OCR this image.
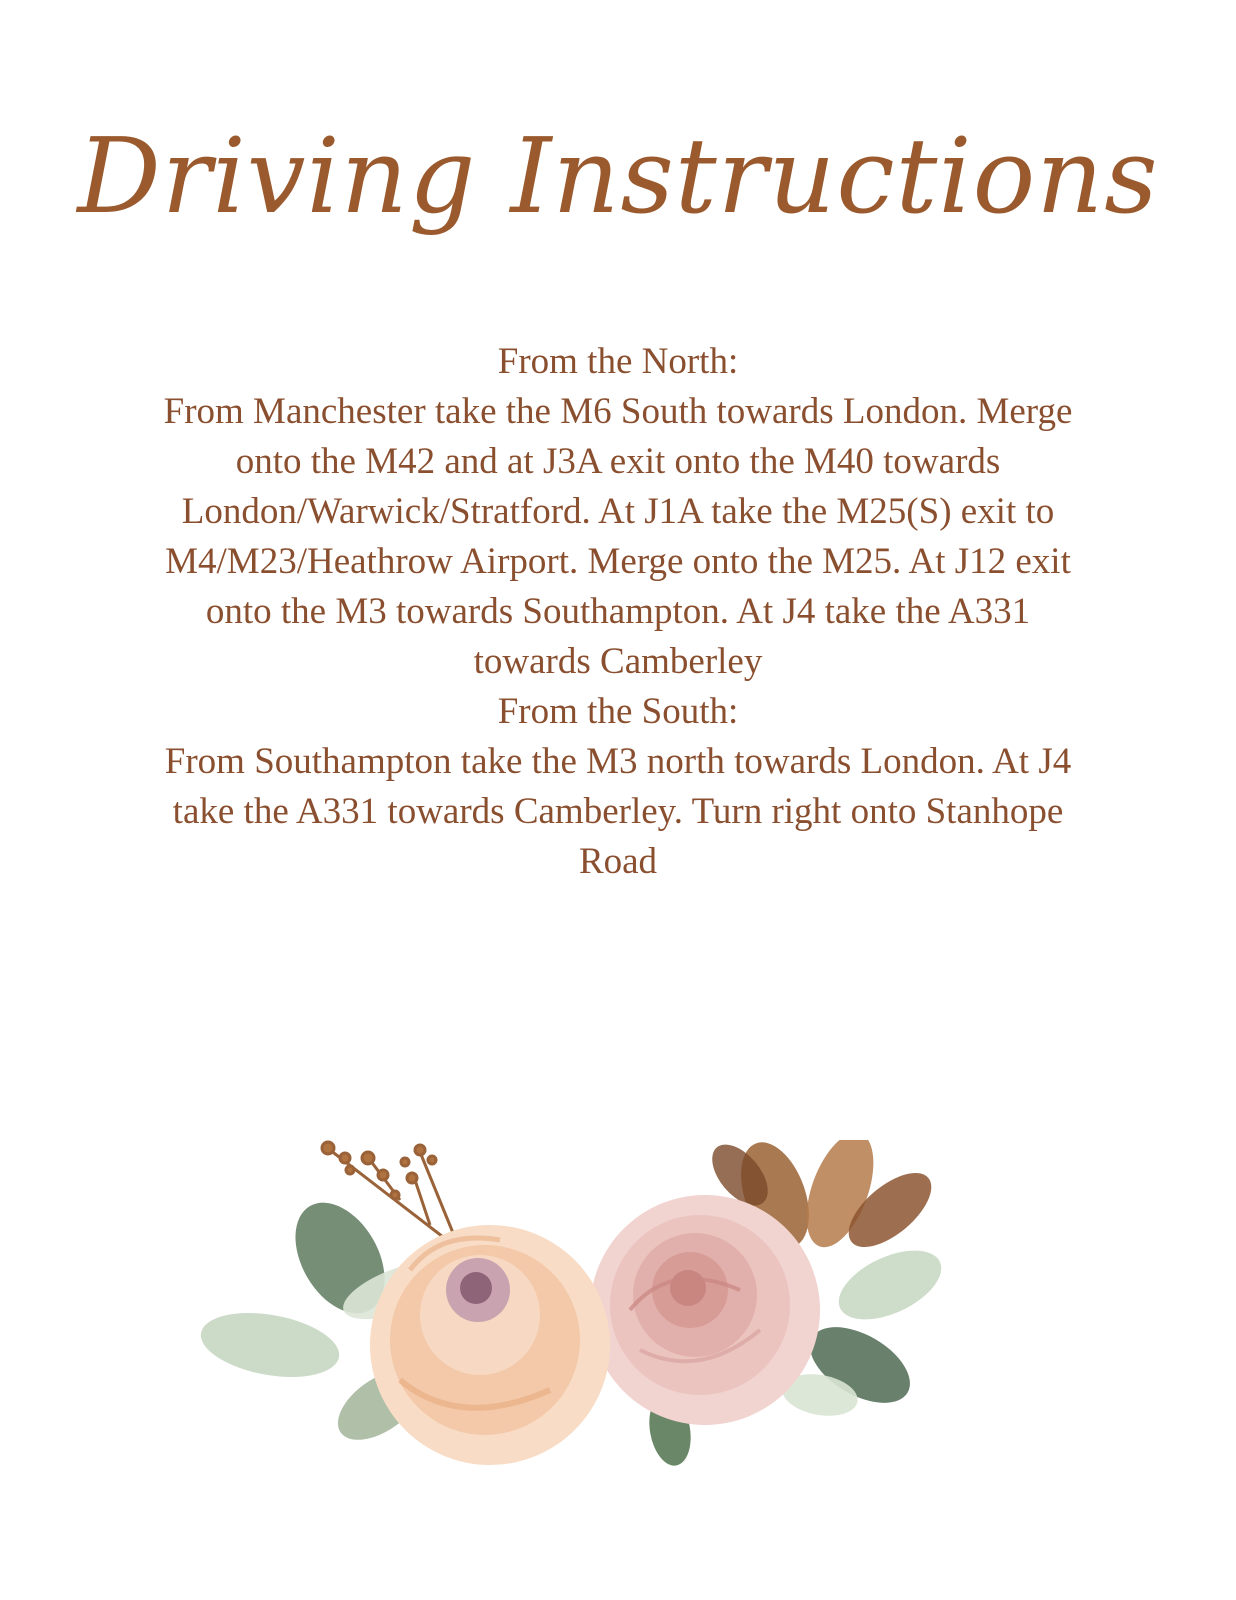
Driving Instructions

From the North:

From Manchester take the M6 South towards London. Merge onto the M42 and at J3A exit onto the M40 towards London/Warwick/Stratford. At J1A take the M25(S) exit to M4/M23/Heathrow Airport. Merge onto the M25. At J12 exit onto the M3 towards Southampton. At J4 take the A331 towards Camberley

From the South:

From Southampton take the M3 north towards London. At J4 take the A331 towards Camberley. Turn right onto Stanhope Road
